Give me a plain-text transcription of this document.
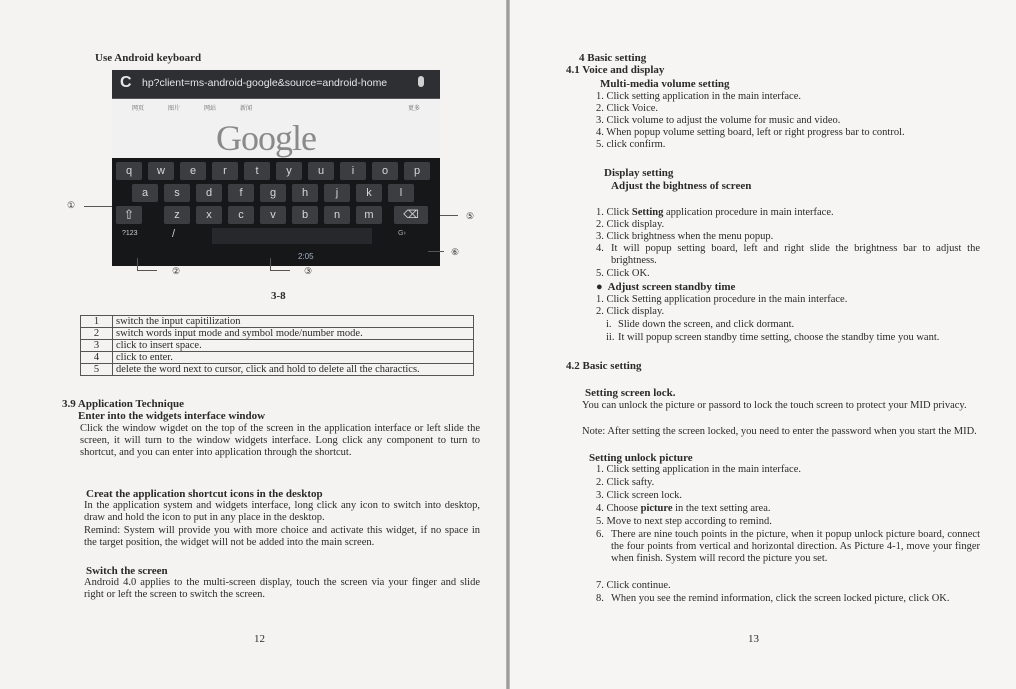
Use Android keyboard
C hp?client=ms-android-google&source=android-home
网页	图片	网站	新闻	更多
Google
q	w	e	r	t	y	u	i	o	p
a	s	d	f	g	h	j	k	l
⇧	z	x	c	v	b	n	m	⌫
?123	/	G›
2:05
①
②	③
⑤
⑥
3-8
1	switch the input capitilization
2	switch words input mode and symbol mode/number mode.
3	click to insert space.
4	click to enter.
5	delete the word next to cursor, click and hold to delete all the charactics.
3.9 Application Technique
Enter into the widgets interface window
Click the window wigdet on the top of the screen in the application interface or left slide the screen, it will turn to the window widgets interface. Long click any component to turn to shortcut, and you can enter into application through the shortcut.
Creat the application shortcut icons in the desktop
In the application system and widgets interface, long click any icon to switch into desktop, draw and hold the icon to put in any place in the desktop.
Remind: System will provide you with more choice and activate this widget, if no space in the target position, the widget will not be added into the main screen.
Switch the screen
Android 4.0 applies to the multi-screen display, touch the screen via your finger and slide right or left the screen to switch the screen.
12
4 Basic setting
4.1 Voice and display
Multi-media volume setting
1. Click setting application in the main interface.
2. Click Voice.
3. Click volume to adjust the volume for music and video.
4. When popup volume setting board, left or right progress bar to control.
5. click confirm.
Display setting
Adjust the bightness of screen
1. Click Setting application procedure in main interface.
2. Click display.
3. Click brightness when the menu popup.
4. It will popup setting board, left and right slide the brightness bar to adjust the brightness.
5. Click OK.
● Adjust screen standby time
1. Click Setting application procedure in the main interface.
2. Click display.
i. Slide down the screen, and click dormant.
ii. It will popup screen standby time setting, choose the standby time you want.
4.2 Basic setting
Setting screen lock.
You can unlock the picture or passord to lock the touch screen to protect your MID privacy.
Note: After setting the screen locked, you need to enter the password when you start the MID.
Setting unlock picture
1. Click setting application in the main interface.
2. Click safty.
3. Click screen lock.
4. Choose picture in the text setting area.
5. Move to next step according to remind.
6. There are nine touch points in the picture, when it popup unlock picture board, connect the four points from vertical and horizontal direction. As Picture 4-1, move your finger when finish. System will record the picture you set.
7. Click continue.
8. When you see the remind information, click the screen locked picture, click OK.
13
